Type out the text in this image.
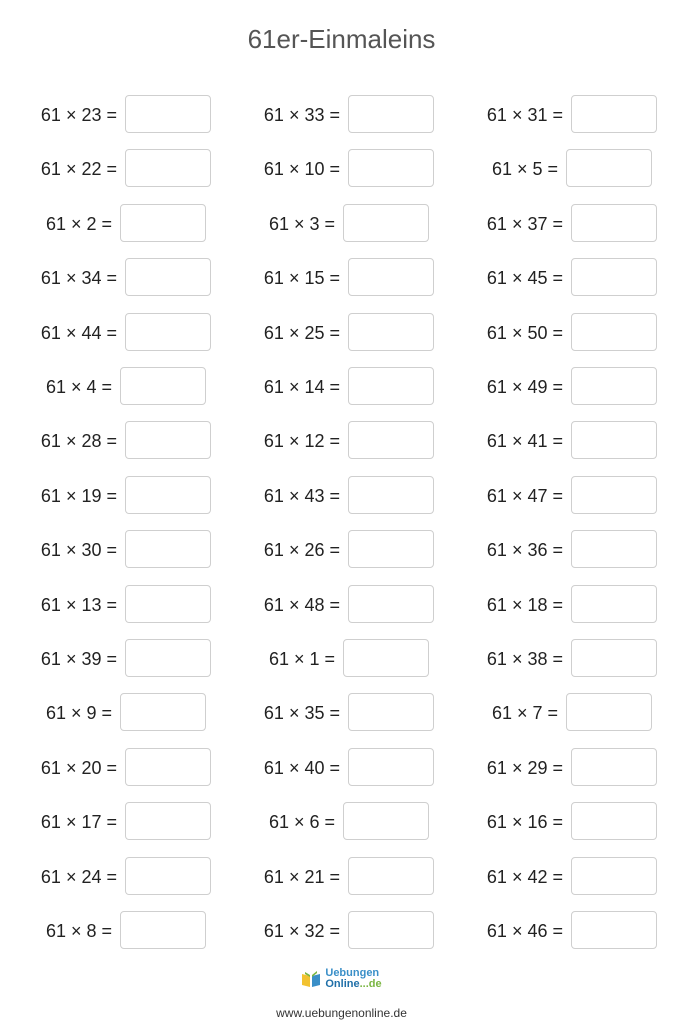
61er-Einmaleins
61 × 23 =
61 × 22 =
61 × 2 =
61 × 34 =
61 × 44 =
61 × 4 =
61 × 28 =
61 × 19 =
61 × 30 =
61 × 13 =
61 × 39 =
61 × 9 =
61 × 20 =
61 × 17 =
61 × 24 =
61 × 8 =
61 × 33 =
61 × 10 =
61 × 3 =
61 × 15 =
61 × 25 =
61 × 14 =
61 × 12 =
61 × 43 =
61 × 26 =
61 × 48 =
61 × 1 =
61 × 35 =
61 × 40 =
61 × 6 =
61 × 21 =
61 × 32 =
61 × 31 =
61 × 5 =
61 × 37 =
61 × 45 =
61 × 50 =
61 × 49 =
61 × 41 =
61 × 47 =
61 × 36 =
61 × 18 =
61 × 38 =
61 × 7 =
61 × 29 =
61 × 16 =
61 × 42 =
61 × 46 =
Uebungen
Online...de
www.uebungenonline.de
